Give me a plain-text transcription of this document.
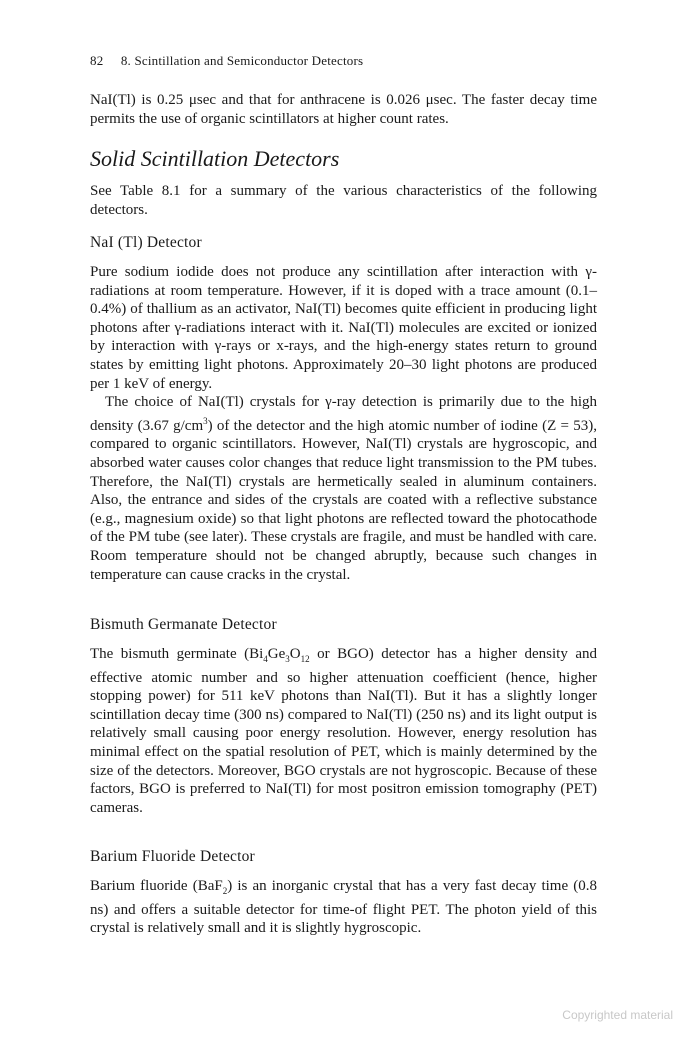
82 8. Scintillation and Semiconductor Detectors

NaI(Tl) is 0.25 μsec and that for anthracene is 0.026 μsec. The faster decay time permits the use of organic scintillators at higher count rates.

Solid Scintillation Detectors

See Table 8.1 for a summary of the various characteristics of the following detectors.

NaI (Tl) Detector

Pure sodium iodide does not produce any scintillation after interaction with γ-radiations at room temperature. However, if it is doped with a trace amount (0.1–0.4%) of thallium as an activator, NaI(Tl) becomes quite efficient in producing light photons after γ-radiations interact with it. NaI(Tl) molecules are excited or ionized by interaction with γ-rays or x-rays, and the high-energy states return to ground states by emitting light photons. Approximately 20–30 light photons are produced per 1 keV of energy.

The choice of NaI(Tl) crystals for γ-ray detection is primarily due to the high density (3.67 $g/cm^3$) of the detector and the high atomic number of iodine (Z = 53), compared to organic scintillators. However, NaI(Tl) crystals are hygroscopic, and absorbed water causes color changes that reduce light transmission to the PM tubes. Therefore, the NaI(Tl) crystals are hermetically sealed in aluminum containers. Also, the entrance and sides of the crystals are coated with a reflective substance (e.g., magnesium oxide) so that light photons are reflected toward the photocathode of the PM tube (see later). These crystals are fragile, and must be handled with care. Room temperature should not be changed abruptly, because such changes in temperature can cause cracks in the crystal.

Bismuth Germanate Detector

The bismuth germinate ($Bi_4Ge_3O_{12}$ or BGO) detector has a higher density and effective atomic number and so higher attenuation coefficient (hence, higher stopping power) for 511 keV photons than NaI(Tl). But it has a slightly longer scintillation decay time (300 ns) compared to NaI(Tl) (250 ns) and its light output is relatively small causing poor energy resolution. However, energy resolution has minimal effect on the spatial resolution of PET, which is mainly determined by the size of the detectors. Moreover, BGO crystals are not hygroscopic. Because of these factors, BGO is preferred to NaI(Tl) for most positron emission tomography (PET) cameras.

Barium Fluoride Detector

Barium fluoride (BaF$_2$) is an inorganic crystal that has a very fast decay time (0.8 ns) and offers a suitable detector for time-of flight PET. The photon yield of this crystal is relatively small and it is slightly hygroscopic.

Copyrighted material
